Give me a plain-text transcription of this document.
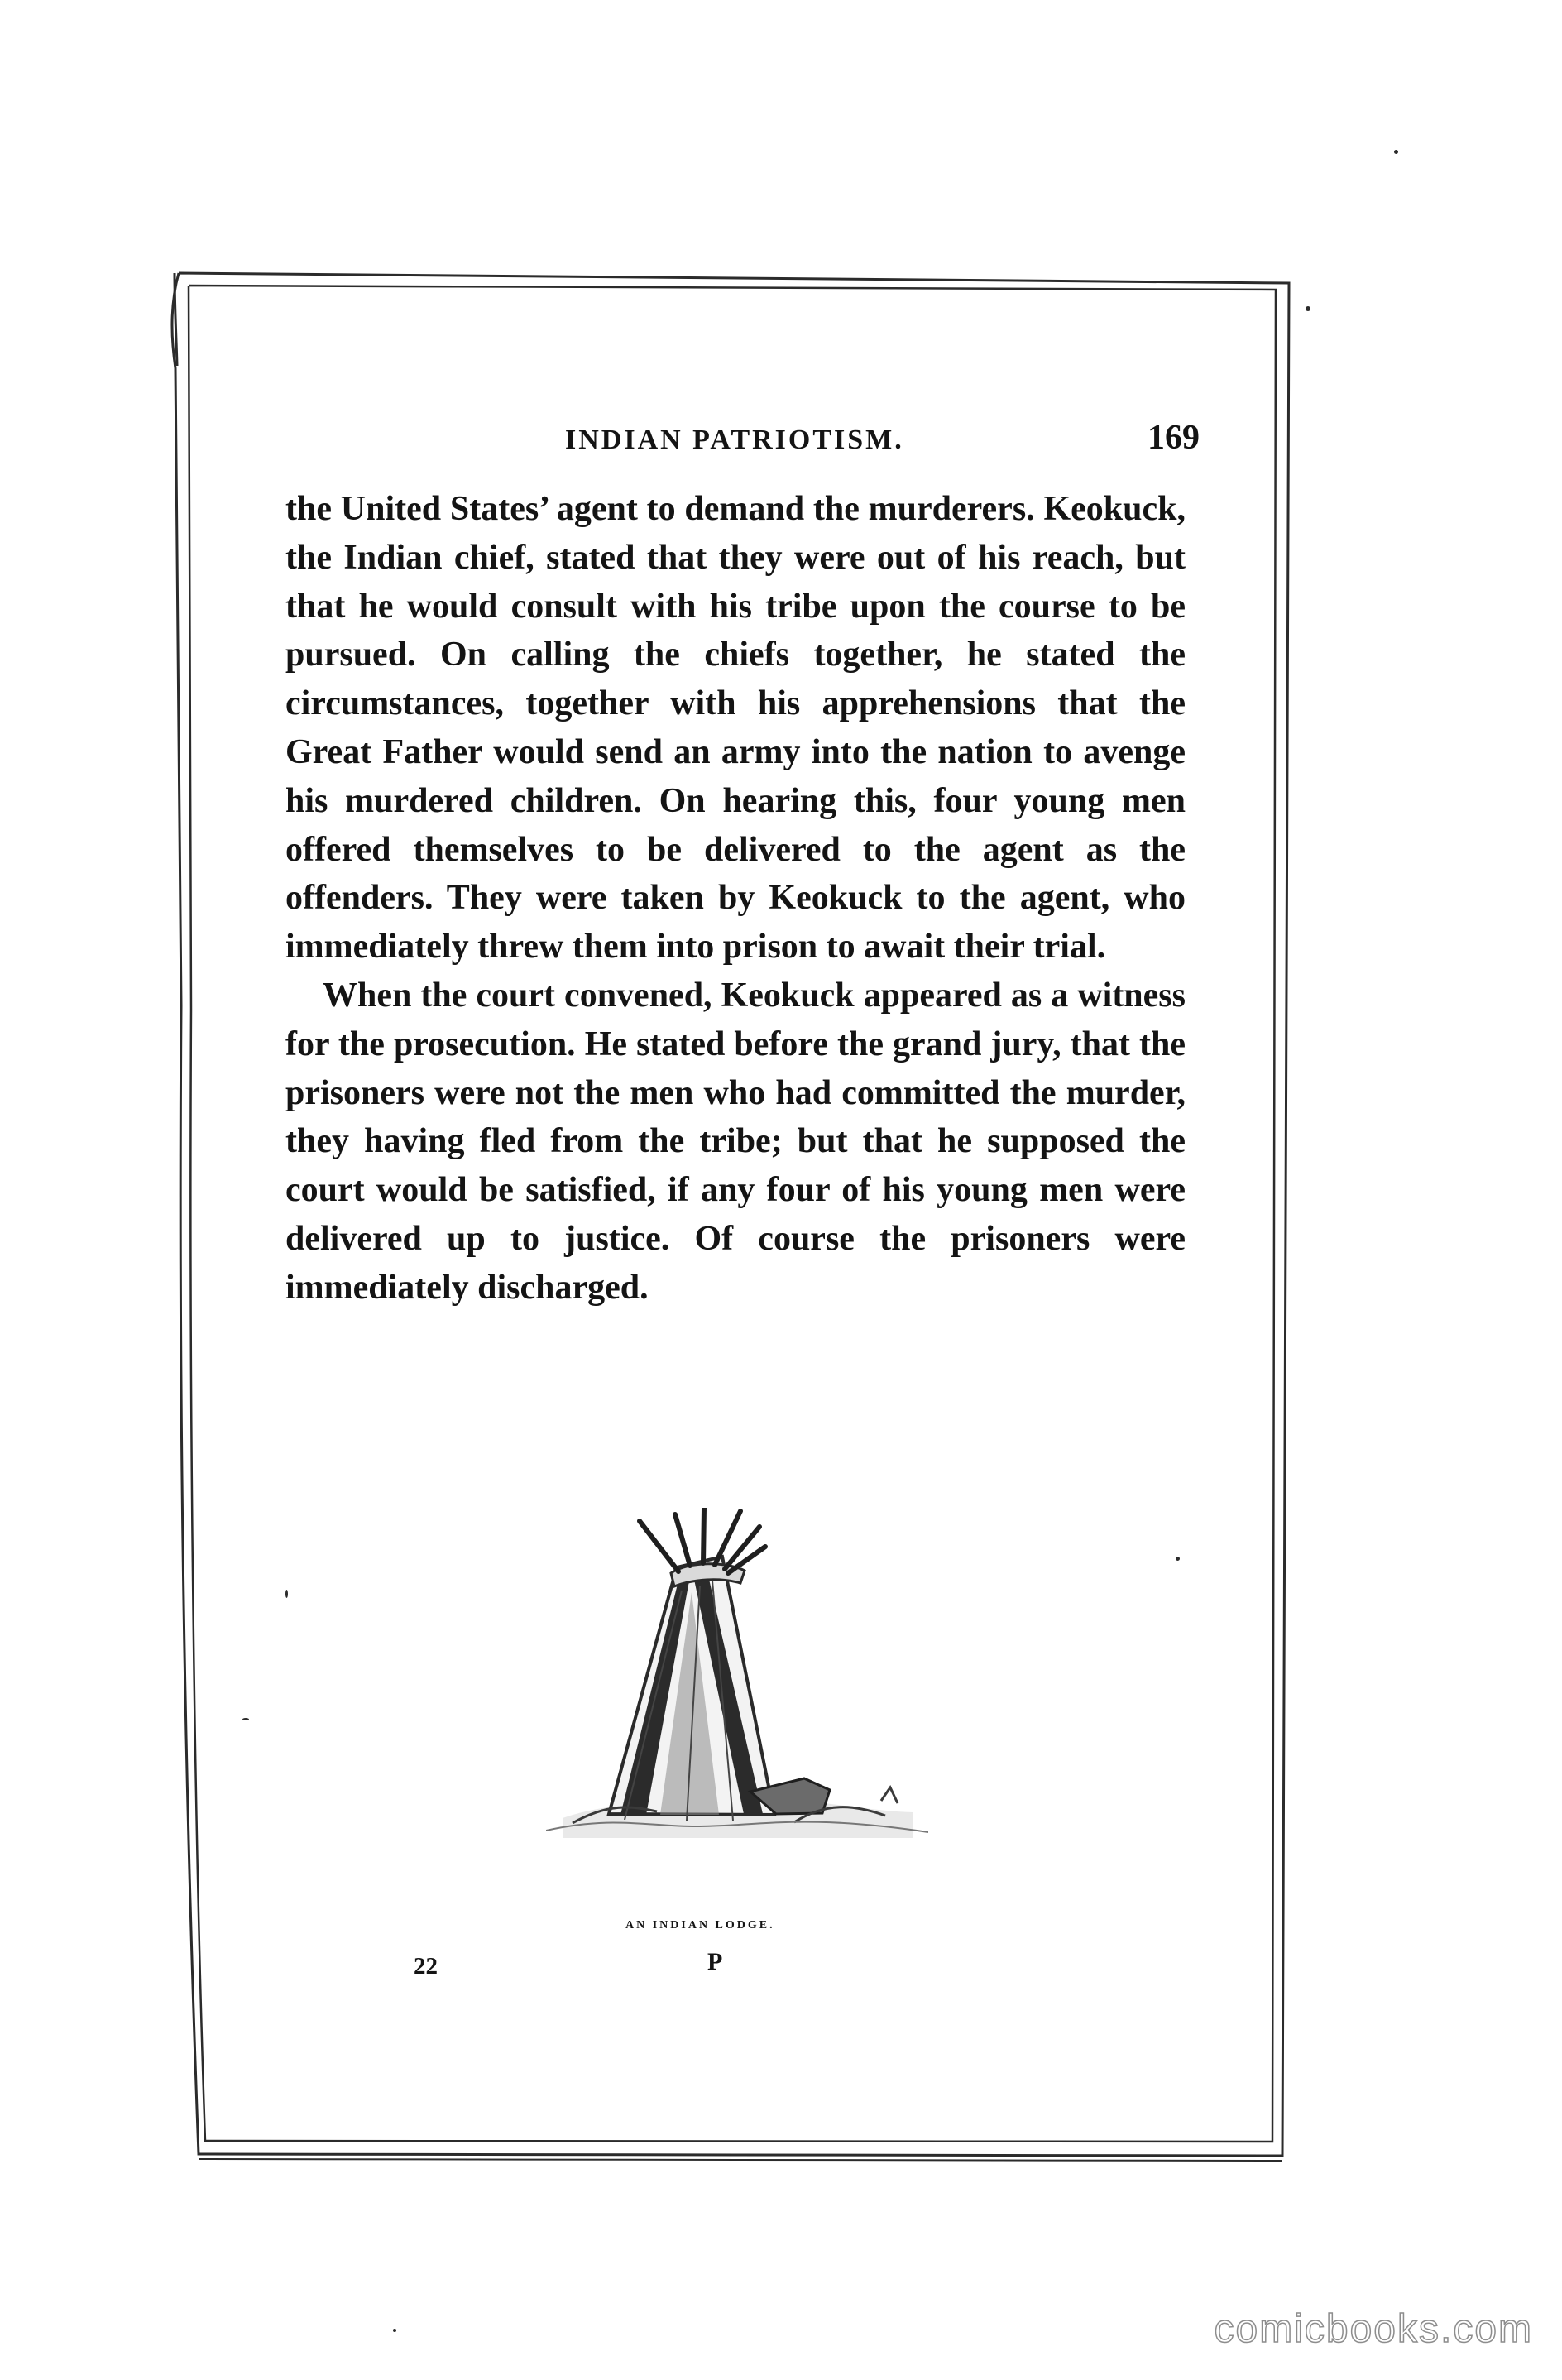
INDIAN PATRIOTISM.	169

the United States’ agent to demand the murderers. Keokuck, the Indian chief, stated that they were out of his reach, but that he would consult with his tribe upon the course to be pursued. On calling the chiefs together, he stated the circumstances, together with his apprehensions that the Great Father would send an army into the nation to avenge his murdered children. On hearing this, four young men offered themselves to be delivered to the agent as the offenders. They were taken by Keokuck to the agent, who immediately threw them into prison to await their trial.

When the court convened, Keokuck appeared as a witness for the prosecution. He stated before the grand jury, that the prisoners were not the men who had committed the murder, they having fled from the tribe; but that he supposed the court would be satisfied, if any four of his young men were delivered up to justice. Of course the prisoners were immediately discharged.

AN INDIAN LODGE.
22	P
comicbooks.com
